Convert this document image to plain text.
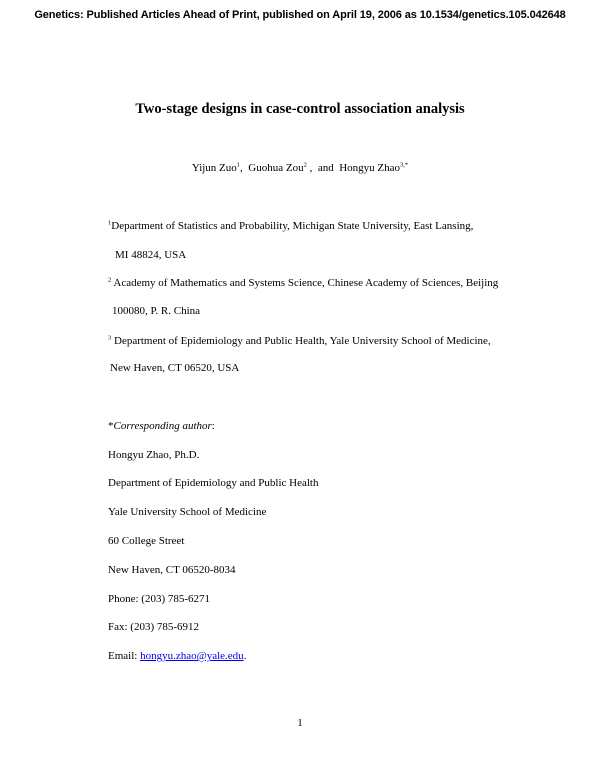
Genetics: Published Articles Ahead of Print, published on April 19, 2006 as 10.1534/genetics.105.042648
Two-stage designs in case-control association analysis
Yijun Zuo$^1$,  Guohua Zou$^2$ ,  and  Hongyu Zhao$^{3,*}$
$^1$Department of Statistics and Probability, Michigan State University, East Lansing,
MI 48824, USA
$^2$ Academy of Mathematics and Systems Science, Chinese Academy of Sciences, Beijing
100080, P. R. China
$^3$ Department of Epidemiology and Public Health, Yale University School of Medicine,
New Haven, CT 06520, USA
*Corresponding author:
Hongyu Zhao, Ph.D.
Department of Epidemiology and Public Health
Yale University School of Medicine
60 College Street
New Haven, CT 06520-8034
Phone: (203) 785-6271
Fax: (203) 785-6912
Email: hongyu.zhao@yale.edu.
1
